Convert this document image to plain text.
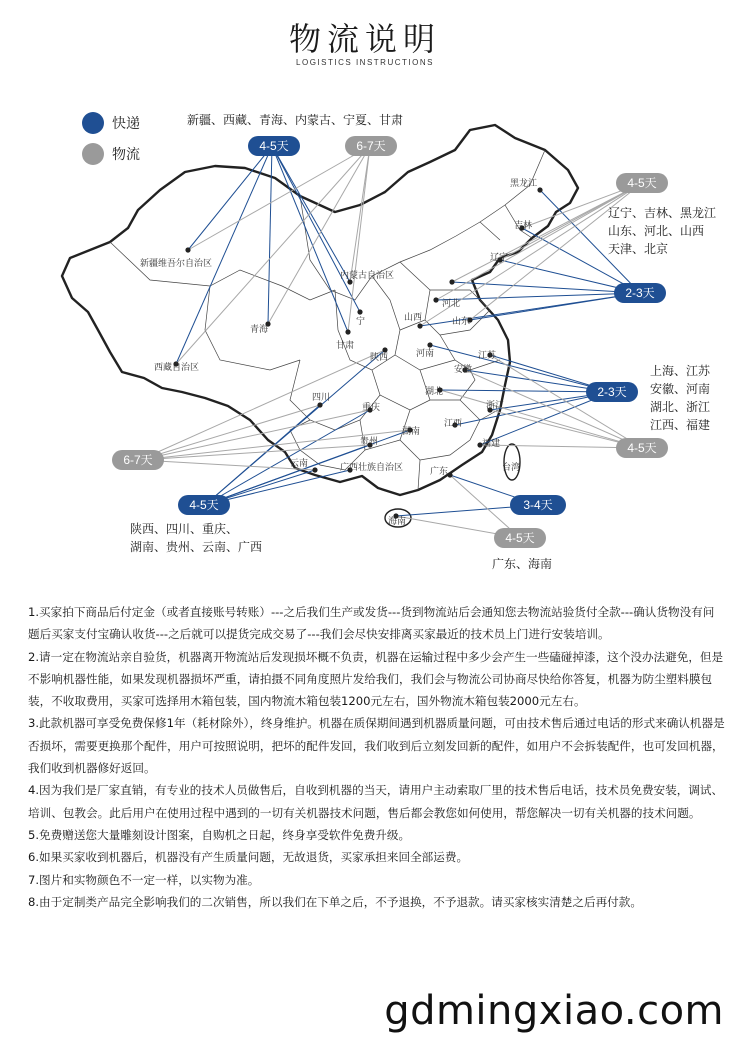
物流说明
LOGISTICS INSTRUCTIONS
快递
物流
新疆维吾尔自治区
西藏自治区
青海
甘肃
内蒙古自治区
宁
黑龙江
吉林
辽宁
河北
山西	山东
陕西	河南	江苏
安徽
湖北
浙江
四川
重庆
贵州
湖南
江西
福建
云南	广西壮族自治区	广东	台湾
海南
新疆、西藏、青海、内蒙古、宁夏、甘肃
辽宁、吉林、黑龙江
山东、河北、山西
天津、北京
上海、江苏
安徽、河南
湖北、浙江
江西、福建
陕西、四川、重庆、
湖南、贵州、云南、广西
广东、海南
4-5天	6-7天
4-5天
2-3天
2-3天
4-5天
6-7天
4-5天	3-4天
4-5天

1.买家拍下商品后付定金（或者直接账号转账）---之后我们生产或发货---货到物流站后会通知您去物流站验货付全款---确认货物没有问 题后买家支付宝确认收货---之后就可以提货完成交易了---我们会尽快安排离买家最近的技术员上门进行安装培训。

2.请一定在物流站亲自验货，机器离开物流站后发现损坏概不负责，机器在运输过程中多少会产生一些磕碰掉漆，这个没办法避免，但是不影响机器性能，如果发现机器损坏严重，请拍摄不同角度照片发给我们，我们会与物流公司协商尽快给你答复，机器为防尘塑料膜包装，不收取费用，买家可选择用木箱包装，国内物流木箱包装1200元左右，国外物流木箱包装2000元左右。

3.此款机器可享受免费保修1年（耗材除外），终身维护。机器在质保期间遇到机器质量问题，可由技术售后通过电话的形式来确认机器是否损坏，需要更换那个配件，用户可按照说明，把坏的配件发回，我们收到后立刻发回新的配件，如用户不会拆装配件，也可发回机器，我们收到机器修好返回。

4.因为我们是厂家直销，有专业的技术人员做售后，自收到机器的当天，请用户主动索取厂里的技术售后电话，技术员免费安装，调试、培训、包教会。此后用户在使用过程中遇到的一切有关机器技术问题，售后都会教您如何使用，帮您解决一切有关机器的技术问题。

5.免费赠送您大量雕刻设计图案，自购机之日起，终身享受软件免费升级。

6.如果买家收到机器后，机器没有产生质量问题，无故退货，买家承担来回全部运费。

7.图片和实物颜色不一定一样，以实物为准。

8.由于定制类产品完全影响我们的二次销售，所以我们在下单之后，不予退换，不予退款。请买家核实清楚之后再付款。

gdmingxiao.com
